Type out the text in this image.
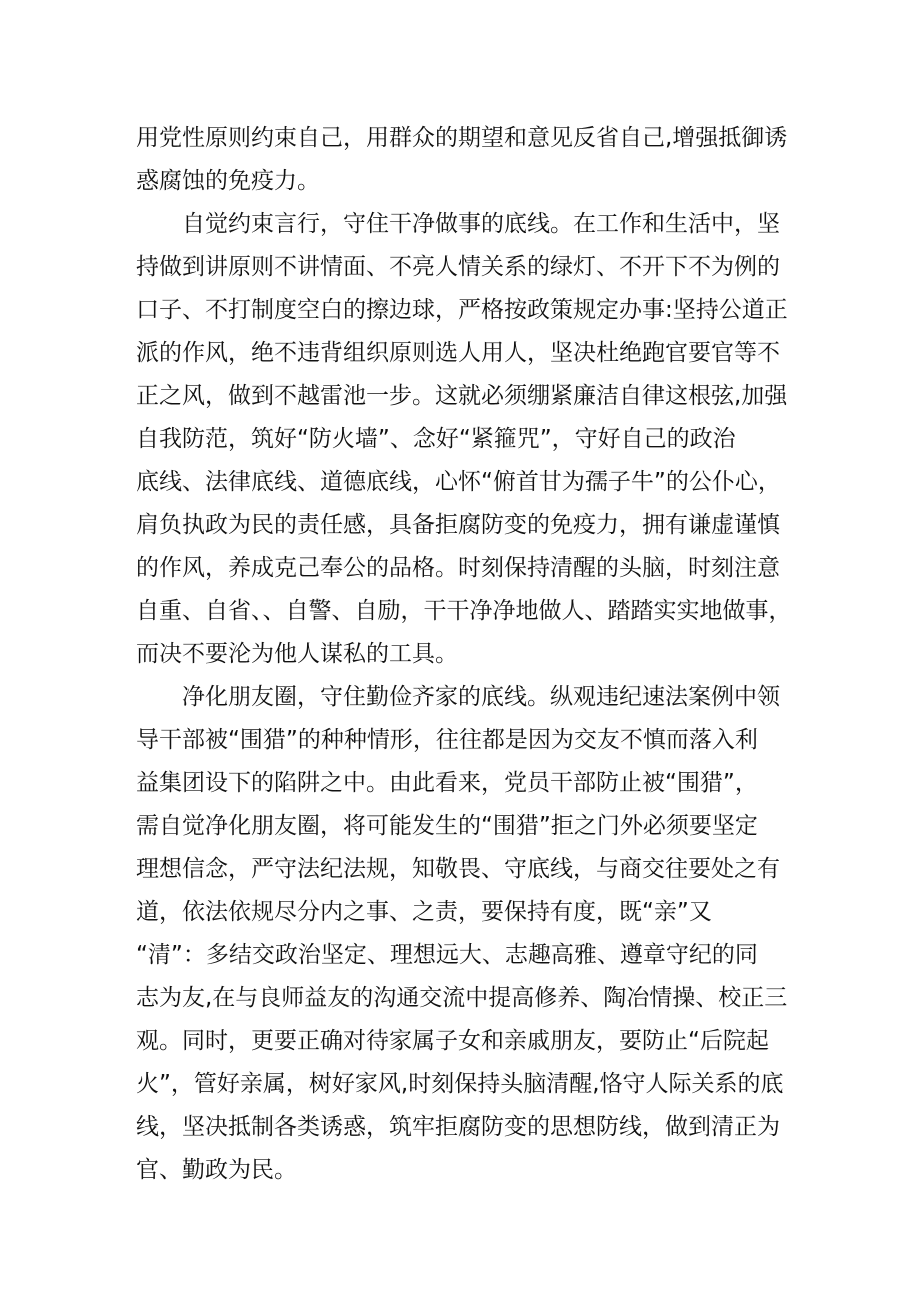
用党性原则约束自己，用群众的期望和意见反省自己,增强抵御诱
惑腐蚀的免疫力。
　　自觉约束言行，守住干净做事的底线。在工作和生活中，坚
持做到讲原则不讲情面、不亮人情关系的绿灯、不开下不为例的
口子、不打制度空白的擦边球，严格按政策规定办事:坚持公道正
派的作风，绝不违背组织原则选人用人，坚决杜绝跑官要官等不
正之风，做到不越雷池一步。这就必须绷紧廉洁自律这根弦,加强
自我防范，筑好“防火墙”、念好“紧箍咒”，守好自己的政治
底线、法律底线、道德底线，心怀“俯首甘为孺子牛”的公仆心，
肩负执政为民的责任感，具备拒腐防变的免疫力，拥有谦虚谨慎
的作风，养成克己奉公的品格。时刻保持清醒的头脑，时刻注意
自重、自省、、自警、自励，干干净净地做人、踏踏实实地做事，
而决不要沦为他人谋私的工具。
　　净化朋友圈，守住勤俭齐家的底线。纵观违纪速法案例中领
导干部被“围猎”的种种情形，往往都是因为交友不慎而落入利
益集团设下的陷阱之中。由此看来，党员干部防止被“围猎”，
需自觉净化朋友圈，将可能发生的“围猎”拒之门外必须要坚定
理想信念，严守法纪法规，知敬畏、守底线，与商交往要处之有
道，依法依规尽分内之事、之责，要保持有度，既“亲”又
“清”：多结交政治坚定、理想远大、志趣高雅、遵章守纪的同
志为友,在与良师益友的沟通交流中提高修养、陶冶情操、校正三
观。同时，更要正确对待家属子女和亲戚朋友，要防止“后院起
火”，管好亲属，树好家风,时刻保持头脑清醒,恪守人际关系的底
线，坚决抵制各类诱惑，筑牢拒腐防变的思想防线，做到清正为
官、勤政为民。
